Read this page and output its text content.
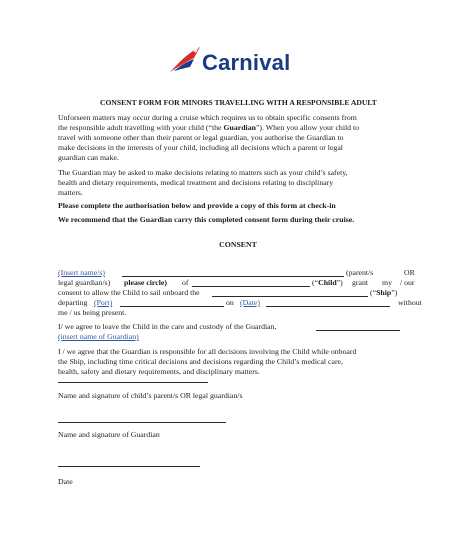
Carnival

CONSENT FORM FOR MINORS TRAVELLING WITH A RESPONSIBLE ADULT

Unforseen matters may occur during a cruise which requires us to obtain specific consents from

the responsible adult travelling with your child (“the Guardian”). When you allow your child to

travel with someone other than their parent or legal guardian, you authorise the Guardian to

make decisions in the interests of your child, including all decisions which a parent or legal

guardian can make.

The Guardian may be asked to make decisions relating to matters such as your child’s safety,

health and dietary requirements, medical treatment and decisions relating to disciplinary

matters.

Please complete the authorisation below and provide a copy of this form at check-in

We recommend that the Guardian carry this completed consent form during their cruise.

CONSENT

(Insert name/s)	(parent/s	OR
legal guardian/s) please circle) of	(“Child”) grant my / our
consent to allow the Child to sail onboard the	(“Ship”)
departing (Port)	on (Date)	without
me / us being present.
I/ we agree to leave the Child in the care and custody of the Guardian,
(insert name of Guardian)

I / we agree that the Guardian is responsible for all decisions involving the Child while onboard

the Ship, including time critical decisions and decisions regarding the Child’s medical care,

health, safety and dietary requirements, and disciplinary matters.

Name and signature of child’s parent/s OR legal guardian/s
Name and signature of Guardian
Date
